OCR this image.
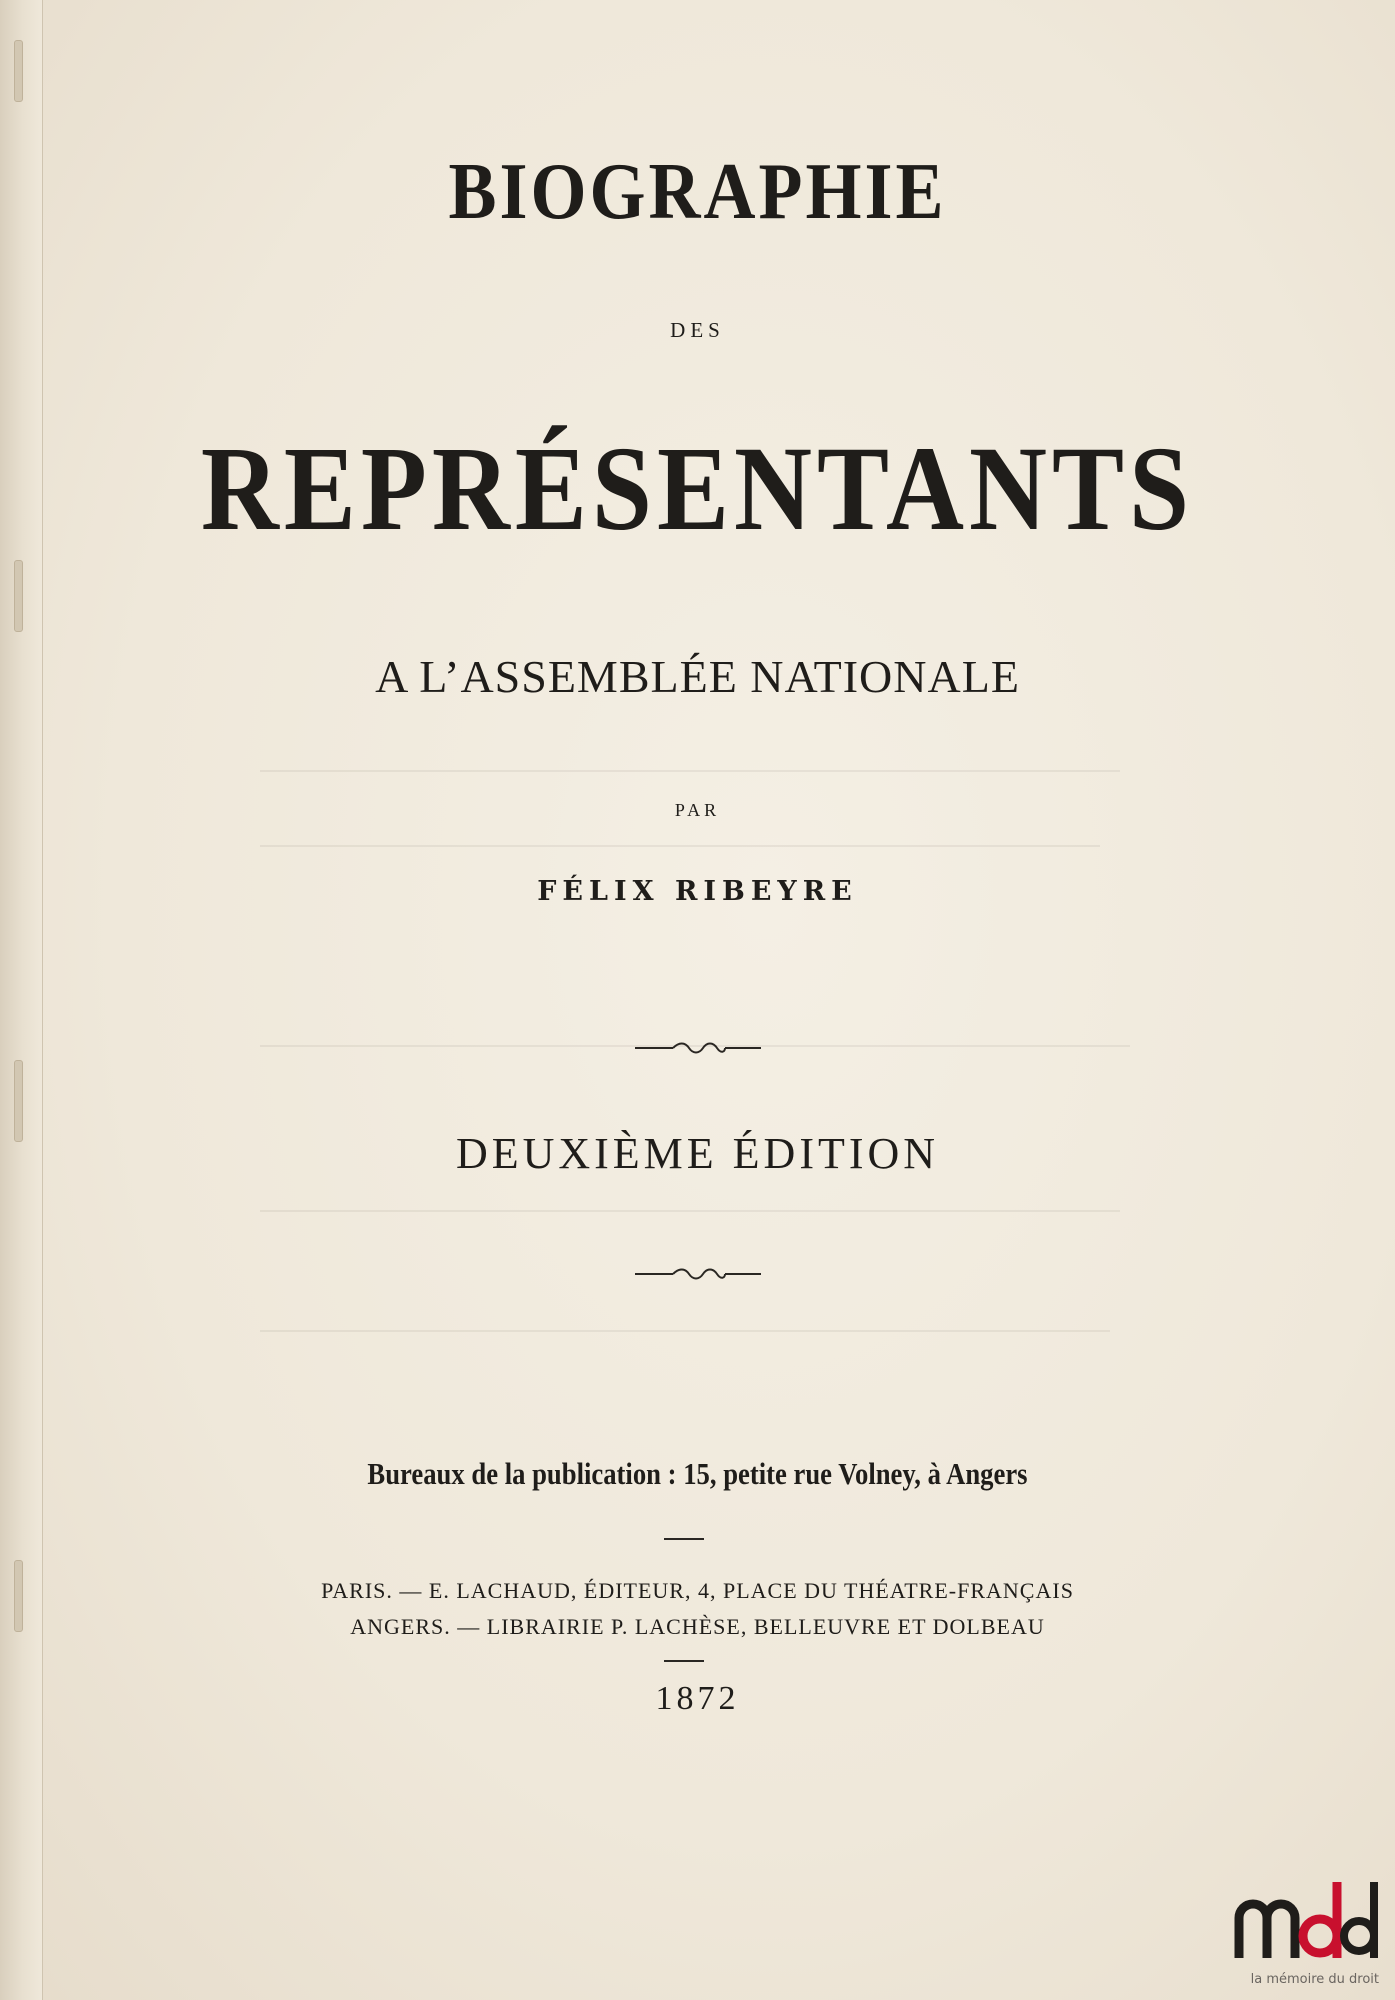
BIOGRAPHIE
DES
REPRÉSENTANTS
A L’ASSEMBLÉE NATIONALE
PAR
FÉLIX RIBEYRE
DEUXIÈME ÉDITION
Bureaux de la publication : 15, petite rue Volney, à Angers
PARIS. — E. LACHAUD, ÉDITEUR, 4, PLACE DU THÉATRE-FRANÇAIS
ANGERS. — LIBRAIRIE P. LACHÈSE, BELLEUVRE ET DOLBEAU
1872
la mémoire du droit
